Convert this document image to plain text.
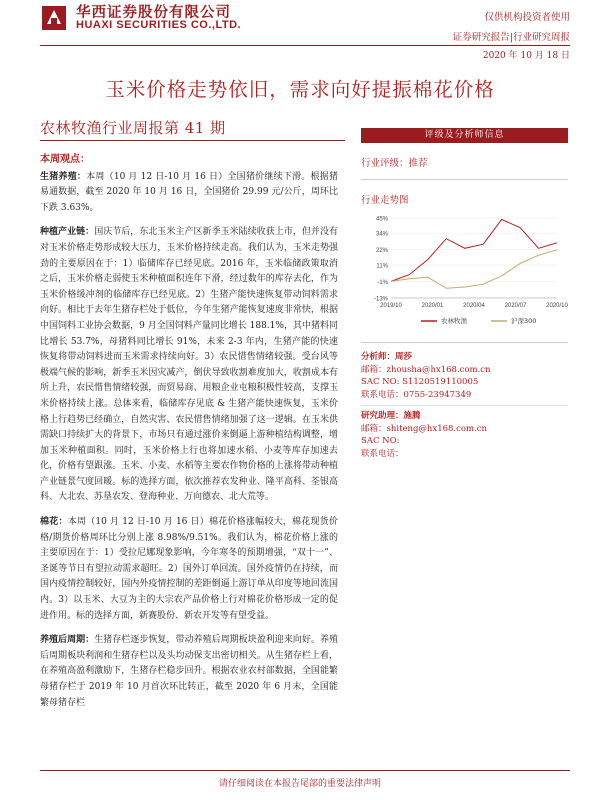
华西证券股份有限公司
HUAXI SECURITIES CO.,LTD.
仅供机构投资者使用
证券研究报告|行业研究周报
2020 年 10 月 18 日
玉米价格走势依旧，需求向好提振棉花价格
农林牧渔行业周报第 41 期
本周观点：

生猪养殖：本周（10 月 12 日-10 月 16 日）全国猪价继续下滑。根据猪易通数据，截至 2020 年 10 月 16 日，全国猪价 29.99 元/公斤，周环比下跌 3.63%。

种植产业链：国庆节后，东北玉米主产区新季玉米陆续收获上市，但并没有对玉米价格走势形成较大压力，玉米价格持续走高。我们认为，玉米走势强劲的主要原因在于：1）临储库存已经见底。2016 年，玉米临储政策取消之后，玉米价格走弱使玉米种植面积连年下滑，经过数年的库存去化，作为玉米价格缓冲剂的临储库存已经见底。2）生猪产能快速恢复带动饲料需求向好。相比于去年生猪存栏处于低位，今年生猪产能恢复速度非常快，根据中国饲料工业协会数据，9 月全国饲料产量同比增长 188.1%，其中猪料同比增长 53.7%，母猪料同比增长 91%，未来 2-3 年内，生猪产能的快速恢复将带动饲料进而玉米需求持续向好。3）农民惜售情绪较强。受台风等极端气候的影响，新季玉米因灾减产，倒伏导致收割难度加大，收割成本有所上升，农民惜售情绪较强，而贸易商、用粮企业屯粮积极性较高，支撑玉米价格持续上涨。总体来看，临储库存见底 & 生猪产能快速恢复，玉米价格上行趋势已经确立，自然灾害、农民惜售情绪加强了这一逻辑。在玉米供需缺口持续扩大的背景下，市场只有通过涨价来倒逼上游种植结构调整，增加玉米种植面积。同时，玉米价格上行也将加速水稻、小麦等库存加速去化，价格有望跟涨。玉米、小麦、水稻等主要农作物价格的上涨将带动种植产业链景气度回暖。标的选择方面，依次推荐农发种业、隆平高科、荃银高科、大北农、苏垦农发、登海种业、万向德农、北大荒等。

棉花：本周（10 月 12 日-10 月 16 日）棉花价格涨幅较大，棉花现货价格/期货价格周环比分别上涨 8.98%/9.51%。我们认为，棉花价格上涨的主要原因在于：1）受拉尼娜现象影响，今年寒冬的预期增强，“双十一”、圣诞等节日有望拉动需求超旺。2）国外订单回流。国外疫情仍在持续，而国内疫情控制较好，国内外疫情控制的差距倒逼上游订单从印度等地回流国内。3）以玉米、大豆为主的大宗农产品价格上行对棉花价格形成一定的促进作用。标的选择方面，新赛股份、新农开发等有望受益。

养殖后周期：生猪存栏逐步恢复，带动养殖后周期板块盈利迎来向好。养殖后周期板块利润和生猪存栏以及头均动保支出密切相关。从生猪存栏上看，在养殖高盈利激励下，生猪存栏稳步回升。根据农业农村部数据，全国能繁母猪存栏于 2019 年 10 月首次环比转正，截至 2020 年 6 月末，全国能繁母猪存栏

评级及分析师信息
行业评级：推荐
行业走势图
45%
34%
22%
11%
-1%
-13%
2019/10	2020/01	2020/04	2020/07	2020/10
农林牧渔	沪深300
分析师：周莎
邮箱：zhousha@hx168.com.cn
SAC NO: S1120519110005
联系电话：0755-23947349
研究助理：施腾
邮箱：shiteng@hx168.com.cn
SAC NO:
联系电话：
请仔细阅读在本报告尾部的重要法律声明
